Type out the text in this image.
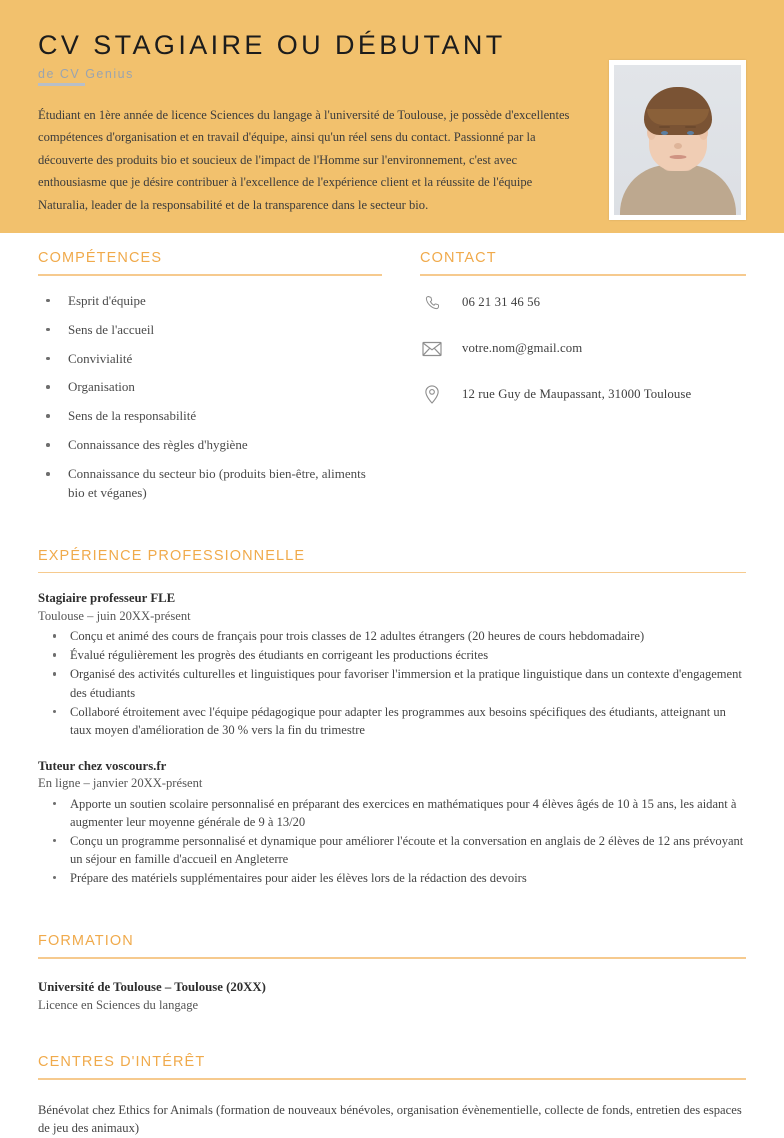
CV STAGIAIRE OU DÉBUTANT
de CV Genius

Étudiant en 1ère année de licence Sciences du langage à l'université de Toulouse, je possède d'excellentes compétences d'organisation et en travail d'équipe, ainsi qu'un réel sens du contact. Passionné par la découverte des produits bio et soucieux de l'impact de l'Homme sur l'environnement, c'est avec enthousiasme que je désire contribuer à l'excellence de l'expérience client et la réussite de l'équipe Naturalia, leader de la responsabilité et de la transparence dans le secteur bio.

COMPÉTENCES
Esprit d'équipe
Sens de l'accueil
Convivialité
Organisation
Sens de la responsabilité
Connaissance des règles d'hygiène
Connaissance du secteur bio (produits bien-être, aliments bio et véganes)
CONTACT
06 21 31 46 56
votre.nom@gmail.com
12 rue Guy de Maupassant, 31000 Toulouse
EXPÉRIENCE PROFESSIONNELLE
Stagiaire professeur FLE
Toulouse – juin 20XX-présent
Conçu et animé des cours de français pour trois classes de 12 adultes étrangers (20 heures de cours hebdomadaire)
Évalué régulièrement les progrès des étudiants en corrigeant les productions écrites
Organisé des activités culturelles et linguistiques pour favoriser l'immersion et la pratique linguistique dans un contexte d'engagement des étudiants
Collaboré étroitement avec l'équipe pédagogique pour adapter les programmes aux besoins spécifiques des étudiants, atteignant un taux moyen d'amélioration de 30 % vers la fin du trimestre
Tuteur chez voscours.fr
En ligne – janvier 20XX-présent
Apporte un soutien scolaire personnalisé en préparant des exercices en mathématiques pour 4 élèves âgés de 10 à 15 ans, les aidant à augmenter leur moyenne générale de 9 à 13/20
Conçu un programme personnalisé et dynamique pour améliorer l'écoute et la conversation en anglais de 2 élèves de 12 ans prévoyant un séjour en famille d'accueil en Angleterre
Prépare des matériels supplémentaires pour aider les élèves lors de la rédaction des devoirs
FORMATION
Université de Toulouse – Toulouse (20XX)
Licence en Sciences du langage
CENTRES D'INTÉRÊT
Bénévolat chez Ethics for Animals (formation de nouveaux bénévoles, organisation évènementielle, collecte de fonds, entretien des espaces de jeu des animaux)
